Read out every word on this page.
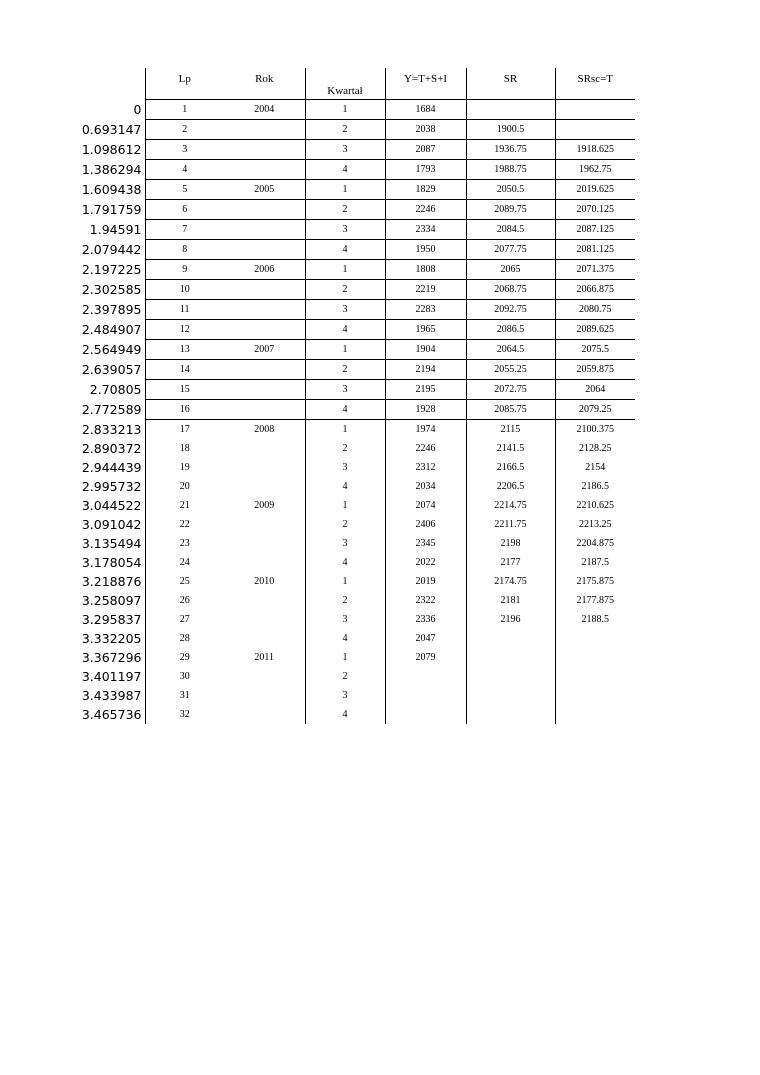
	Lp	Rok	Kwartał	Y=T+S+I	SR	SRsc=T
0	1	2004	1	1684		
0.693147	2		2	2038	1900.5	
1.098612	3		3	2087	1936.75	1918.625
1.386294	4		4	1793	1988.75	1962.75
1.609438	5	2005	1	1829	2050.5	2019.625
1.791759	6		2	2246	2089.75	2070.125
1.94591	7		3	2334	2084.5	2087.125
2.079442	8		4	1950	2077.75	2081.125
2.197225	9	2006	1	1808	2065	2071.375
2.302585	10		2	2219	2068.75	2066.875
2.397895	11		3	2283	2092.75	2080.75
2.484907	12		4	1965	2086.5	2089.625
2.564949	13	2007	1	1904	2064.5	2075.5
2.639057	14		2	2194	2055.25	2059.875
2.70805	15		3	2195	2072.75	2064
2.772589	16		4	1928	2085.75	2079.25
2.833213	17	2008	1	1974	2115	2100.375
2.890372	18		2	2246	2141.5	2128.25
2.944439	19		3	2312	2166.5	2154
2.995732	20		4	2034	2206.5	2186.5
3.044522	21	2009	1	2074	2214.75	2210.625
3.091042	22		2	2406	2211.75	2213.25
3.135494	23		3	2345	2198	2204.875
3.178054	24		4	2022	2177	2187.5
3.218876	25	2010	1	2019	2174.75	2175.875
3.258097	26		2	2322	2181	2177.875
3.295837	27		3	2336	2196	2188.5
3.332205	28		4	2047		
3.367296	29	2011	1	2079		
3.401197	30		2			
3.433987	31		3			
3.465736	32		4			
